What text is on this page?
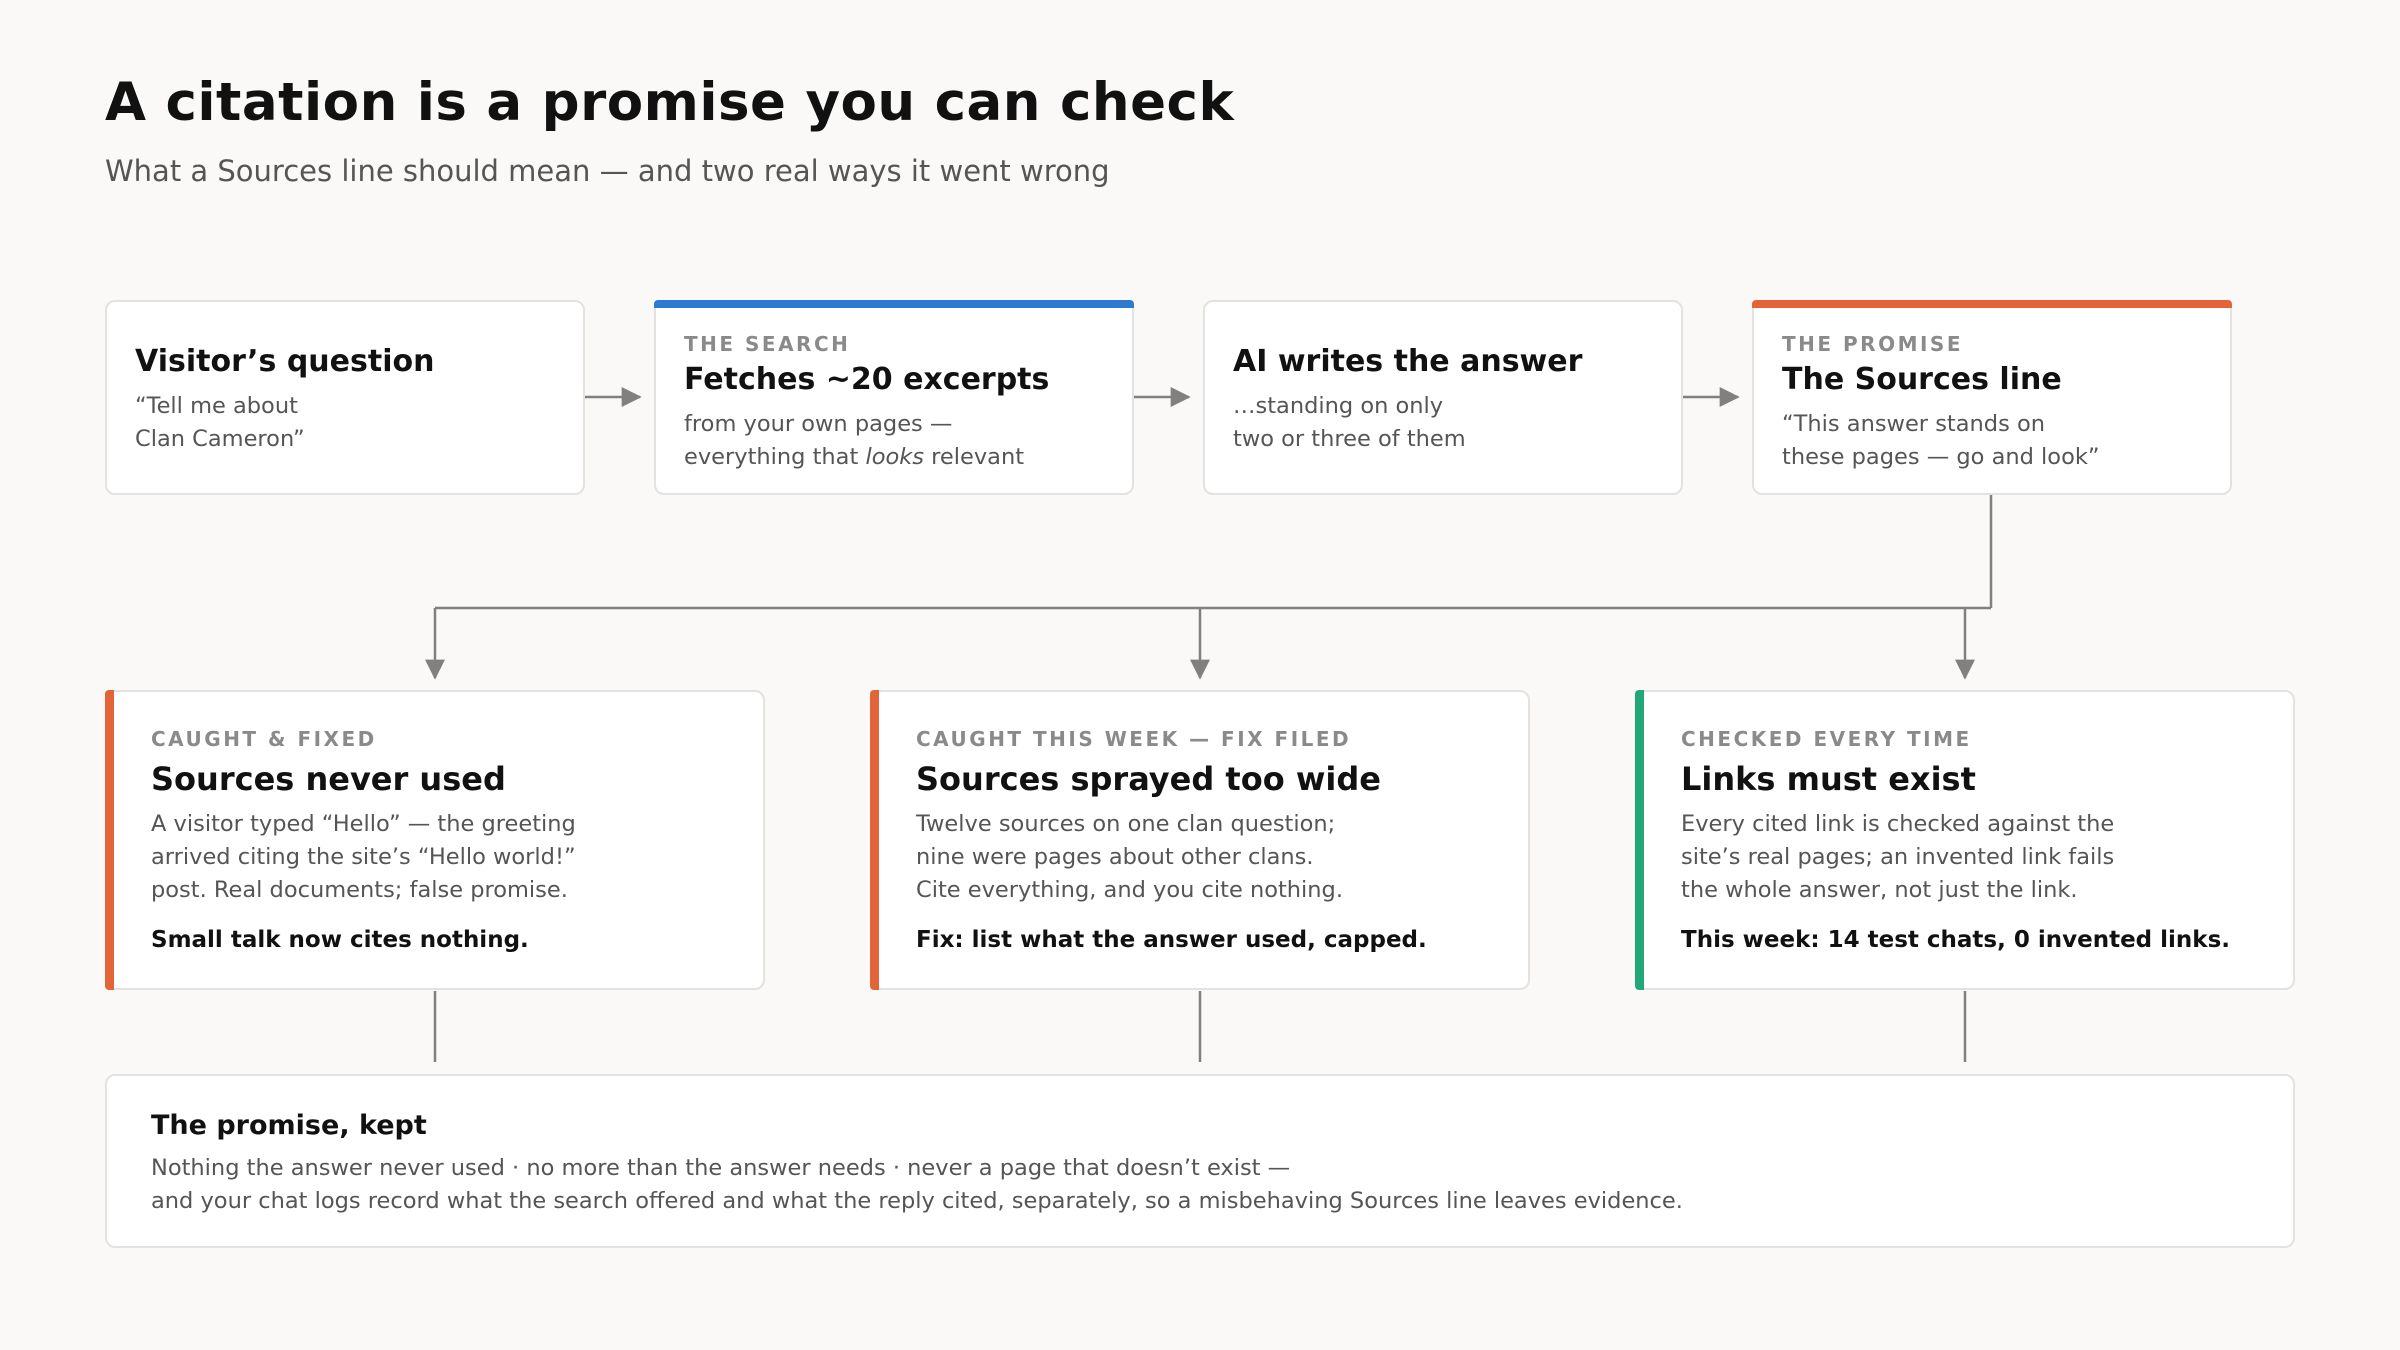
A citation is a promise you can check
What a Sources line should mean — and two real ways it went wrong
Visitor’s question
“Tell me about
Clan Cameron”
THE SEARCH
Fetches ~20 excerpts
from your own pages —
everything that looks relevant
AI writes the answer
…standing on only
two or three of them
THE PROMISE
The Sources line
“This answer stands on
these pages — go and look”
CAUGHT & FIXED
Sources never used
A visitor typed “Hello” — the greeting
arrived citing the site’s “Hello world!”
post. Real documents; false promise.
Small talk now cites nothing.
CAUGHT THIS WEEK — FIX FILED
Sources sprayed too wide
Twelve sources on one clan question;
nine were pages about other clans.
Cite everything, and you cite nothing.
Fix: list what the answer used, capped.
CHECKED EVERY TIME
Links must exist
Every cited link is checked against the
site’s real pages; an invented link fails
the whole answer, not just the link.
This week: 14 test chats, 0 invented links.
The promise, kept
Nothing the answer never used · no more than the answer needs · never a page that doesn’t exist —
and your chat logs record what the search offered and what the reply cited, separately, so a misbehaving Sources line leaves evidence.
